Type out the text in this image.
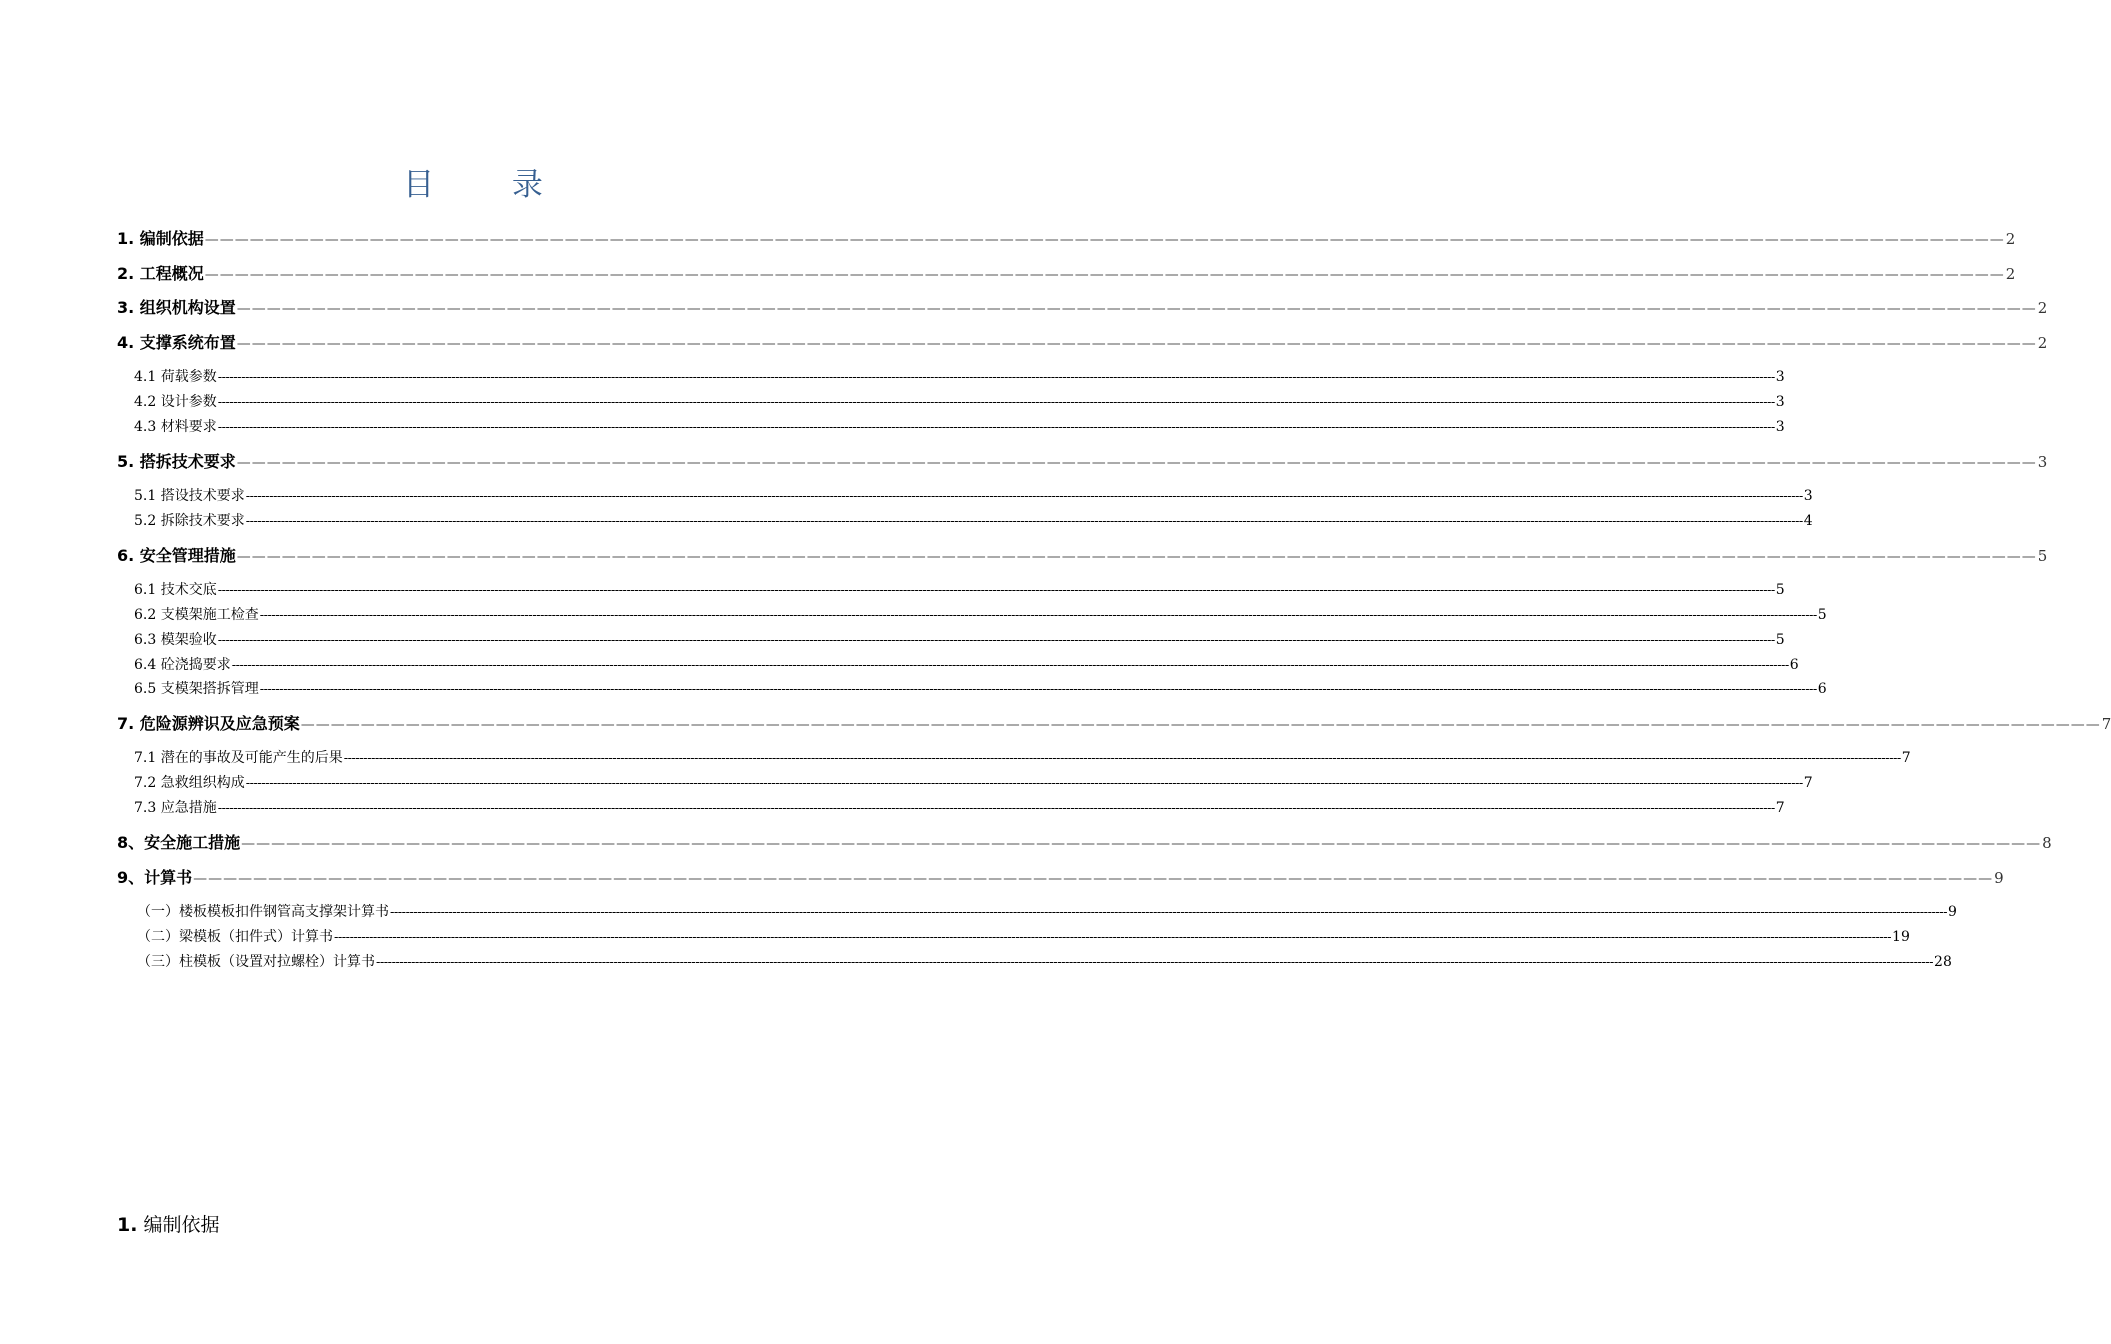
目 录
1. 编制依据 ———————————————————————————————————————————————————————————————————————————————————————————————————————————————————————— 2
2. 工程概况 ———————————————————————————————————————————————————————————————————————————————————————————————————————————————————————— 2
3. 组织机构设置 ———————————————————————————————————————————————————————————————————————————————————————————————————————————————————————— 2
4. 支撑系统布置 ———————————————————————————————————————————————————————————————————————————————————————————————————————————————————————— 2
4.1 荷载参数 ---------------------------------------------------------------------------------------------------------------------------------------------------------------------------------------------------------------------------------------------------------------------------------------------------------------------------------------------------------------------------------------------------------------- 3
4.2 设计参数 ---------------------------------------------------------------------------------------------------------------------------------------------------------------------------------------------------------------------------------------------------------------------------------------------------------------------------------------------------------------------------------------------------------------- 3
4.3 材料要求 ---------------------------------------------------------------------------------------------------------------------------------------------------------------------------------------------------------------------------------------------------------------------------------------------------------------------------------------------------------------------------------------------------------------- 3
5. 搭拆技术要求 ———————————————————————————————————————————————————————————————————————————————————————————————————————————————————————— 3
5.1 搭设技术要求 ---------------------------------------------------------------------------------------------------------------------------------------------------------------------------------------------------------------------------------------------------------------------------------------------------------------------------------------------------------------------------------------------------------------- 3
5.2 拆除技术要求 ---------------------------------------------------------------------------------------------------------------------------------------------------------------------------------------------------------------------------------------------------------------------------------------------------------------------------------------------------------------------------------------------------------------- 4
6. 安全管理措施 ———————————————————————————————————————————————————————————————————————————————————————————————————————————————————————— 5
6.1 技术交底 ---------------------------------------------------------------------------------------------------------------------------------------------------------------------------------------------------------------------------------------------------------------------------------------------------------------------------------------------------------------------------------------------------------------- 5
6.2 支模架施工检查 ---------------------------------------------------------------------------------------------------------------------------------------------------------------------------------------------------------------------------------------------------------------------------------------------------------------------------------------------------------------------------------------------------------------- 5
6.3 模架验收 ---------------------------------------------------------------------------------------------------------------------------------------------------------------------------------------------------------------------------------------------------------------------------------------------------------------------------------------------------------------------------------------------------------------- 5
6.4 砼浇捣要求 ---------------------------------------------------------------------------------------------------------------------------------------------------------------------------------------------------------------------------------------------------------------------------------------------------------------------------------------------------------------------------------------------------------------- 6
6.5 支模架搭拆管理 ---------------------------------------------------------------------------------------------------------------------------------------------------------------------------------------------------------------------------------------------------------------------------------------------------------------------------------------------------------------------------------------------------------------- 6
7. 危险源辨识及应急预案 ———————————————————————————————————————————————————————————————————————————————————————————————————————————————————————— 7
7.1 潜在的事故及可能产生的后果 ---------------------------------------------------------------------------------------------------------------------------------------------------------------------------------------------------------------------------------------------------------------------------------------------------------------------------------------------------------------------------------------------------------------- 7
7.2 急救组织构成 ---------------------------------------------------------------------------------------------------------------------------------------------------------------------------------------------------------------------------------------------------------------------------------------------------------------------------------------------------------------------------------------------------------------- 7
7.3 应急措施 ---------------------------------------------------------------------------------------------------------------------------------------------------------------------------------------------------------------------------------------------------------------------------------------------------------------------------------------------------------------------------------------------------------------- 7
8、安全施工措施 ———————————————————————————————————————————————————————————————————————————————————————————————————————————————————————— 8
9、计算书 ———————————————————————————————————————————————————————————————————————————————————————————————————————————————————————— 9
（一）楼板模板扣件钢管高支撑架计算书 ---------------------------------------------------------------------------------------------------------------------------------------------------------------------------------------------------------------------------------------------------------------------------------------------------------------------------------------------------------------------------------------------------------------- 9
（二）梁模板（扣件式）计算书 ---------------------------------------------------------------------------------------------------------------------------------------------------------------------------------------------------------------------------------------------------------------------------------------------------------------------------------------------------------------------------------------------------------------- 19
（三）柱模板（设置对拉螺栓）计算书 ---------------------------------------------------------------------------------------------------------------------------------------------------------------------------------------------------------------------------------------------------------------------------------------------------------------------------------------------------------------------------------------------------------------- 28
1. 编制依据
